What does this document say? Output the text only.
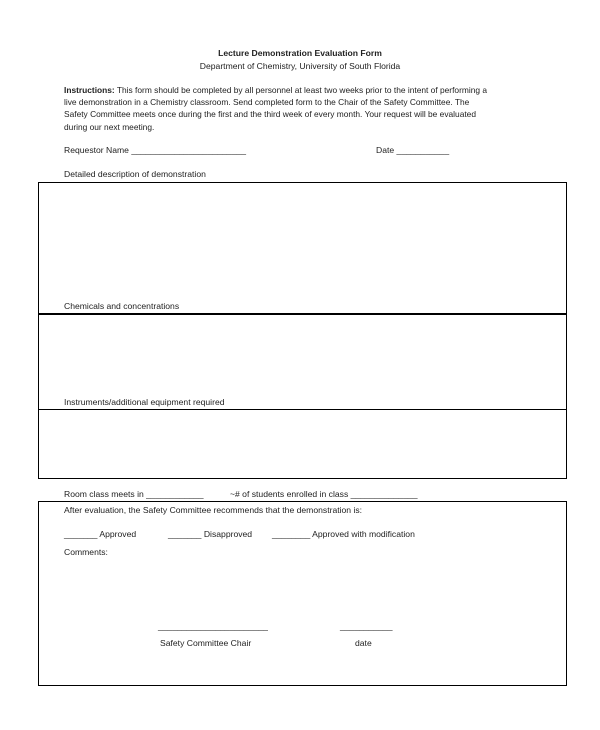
Lecture Demonstration Evaluation Form
Department of Chemistry, University of South Florida
Instructions: This form should be completed by all personnel at least two weeks prior to the intent of performing a
live demonstration in a Chemistry classroom. Send completed form to the Chair of the Safety Committee. The
Safety Committee meets once during the first and the third week of every month. Your request will be evaluated
during our next meeting.
Requestor Name ________________________	Date ___________
Detailed description of demonstration
Chemicals and concentrations
Instruments/additional equipment required
Room class meets in ____________	~# of students enrolled in class ______________
After evaluation, the Safety Committee recommends that the demonstration is:
_______ Approved	_______ Disapproved ________ Approved with modification
Comments:
_______________________	___________
Safety Committee Chair	date
